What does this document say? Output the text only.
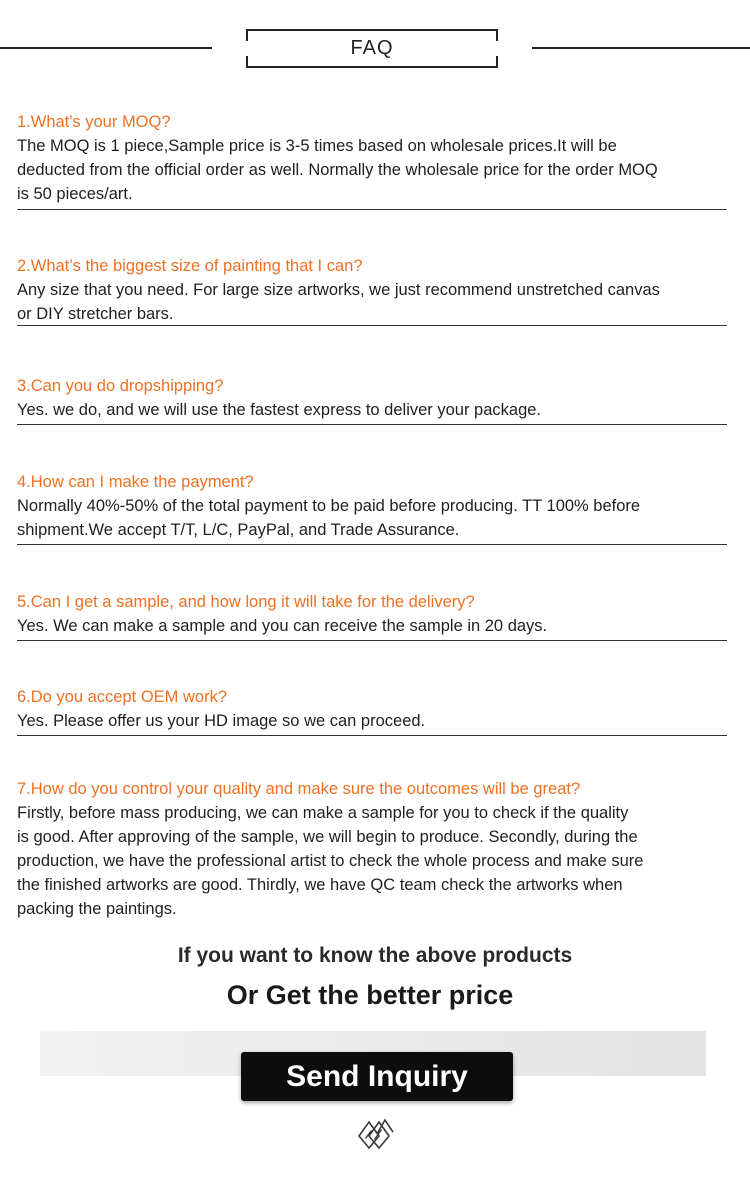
FAQ
1.What's your MOQ?
The MOQ is 1 piece,Sample price is 3-5 times based on wholesale prices.It will be
deducted from the official order as well. Normally the wholesale price for the order MOQ
is 50 pieces/art.
2.What’s the biggest size of painting that I can?
Any size that you need. For large size artworks, we just recommend unstretched canvas
or DIY stretcher bars.
3.Can you do dropshipping?
Yes. we do, and we will use the fastest express to deliver your package.
4.How can I make the payment?
Normally 40%-50% of the total payment to be paid before producing. TT 100% before
shipment.We accept T/T, L/C, PayPal, and Trade Assurance.
5.Can I get a sample, and how long it will take for the delivery?
Yes. We can make a sample and you can receive the sample in 20 days.
6.Do you accept OEM work?
Yes. Please offer us your HD image so we can proceed.
7.How do you control your quality and make sure the outcomes will be great?
Firstly, before mass producing, we can make a sample for you to check if the quality
is good. After approving of the sample, we will begin to produce. Secondly, during the
production, we have the professional artist to check the whole process and make sure
the finished artworks are good. Thirdly, we have QC team check the artworks when
packing the paintings.
If you want to know the above products
Or Get the better price
Send Inquiry
